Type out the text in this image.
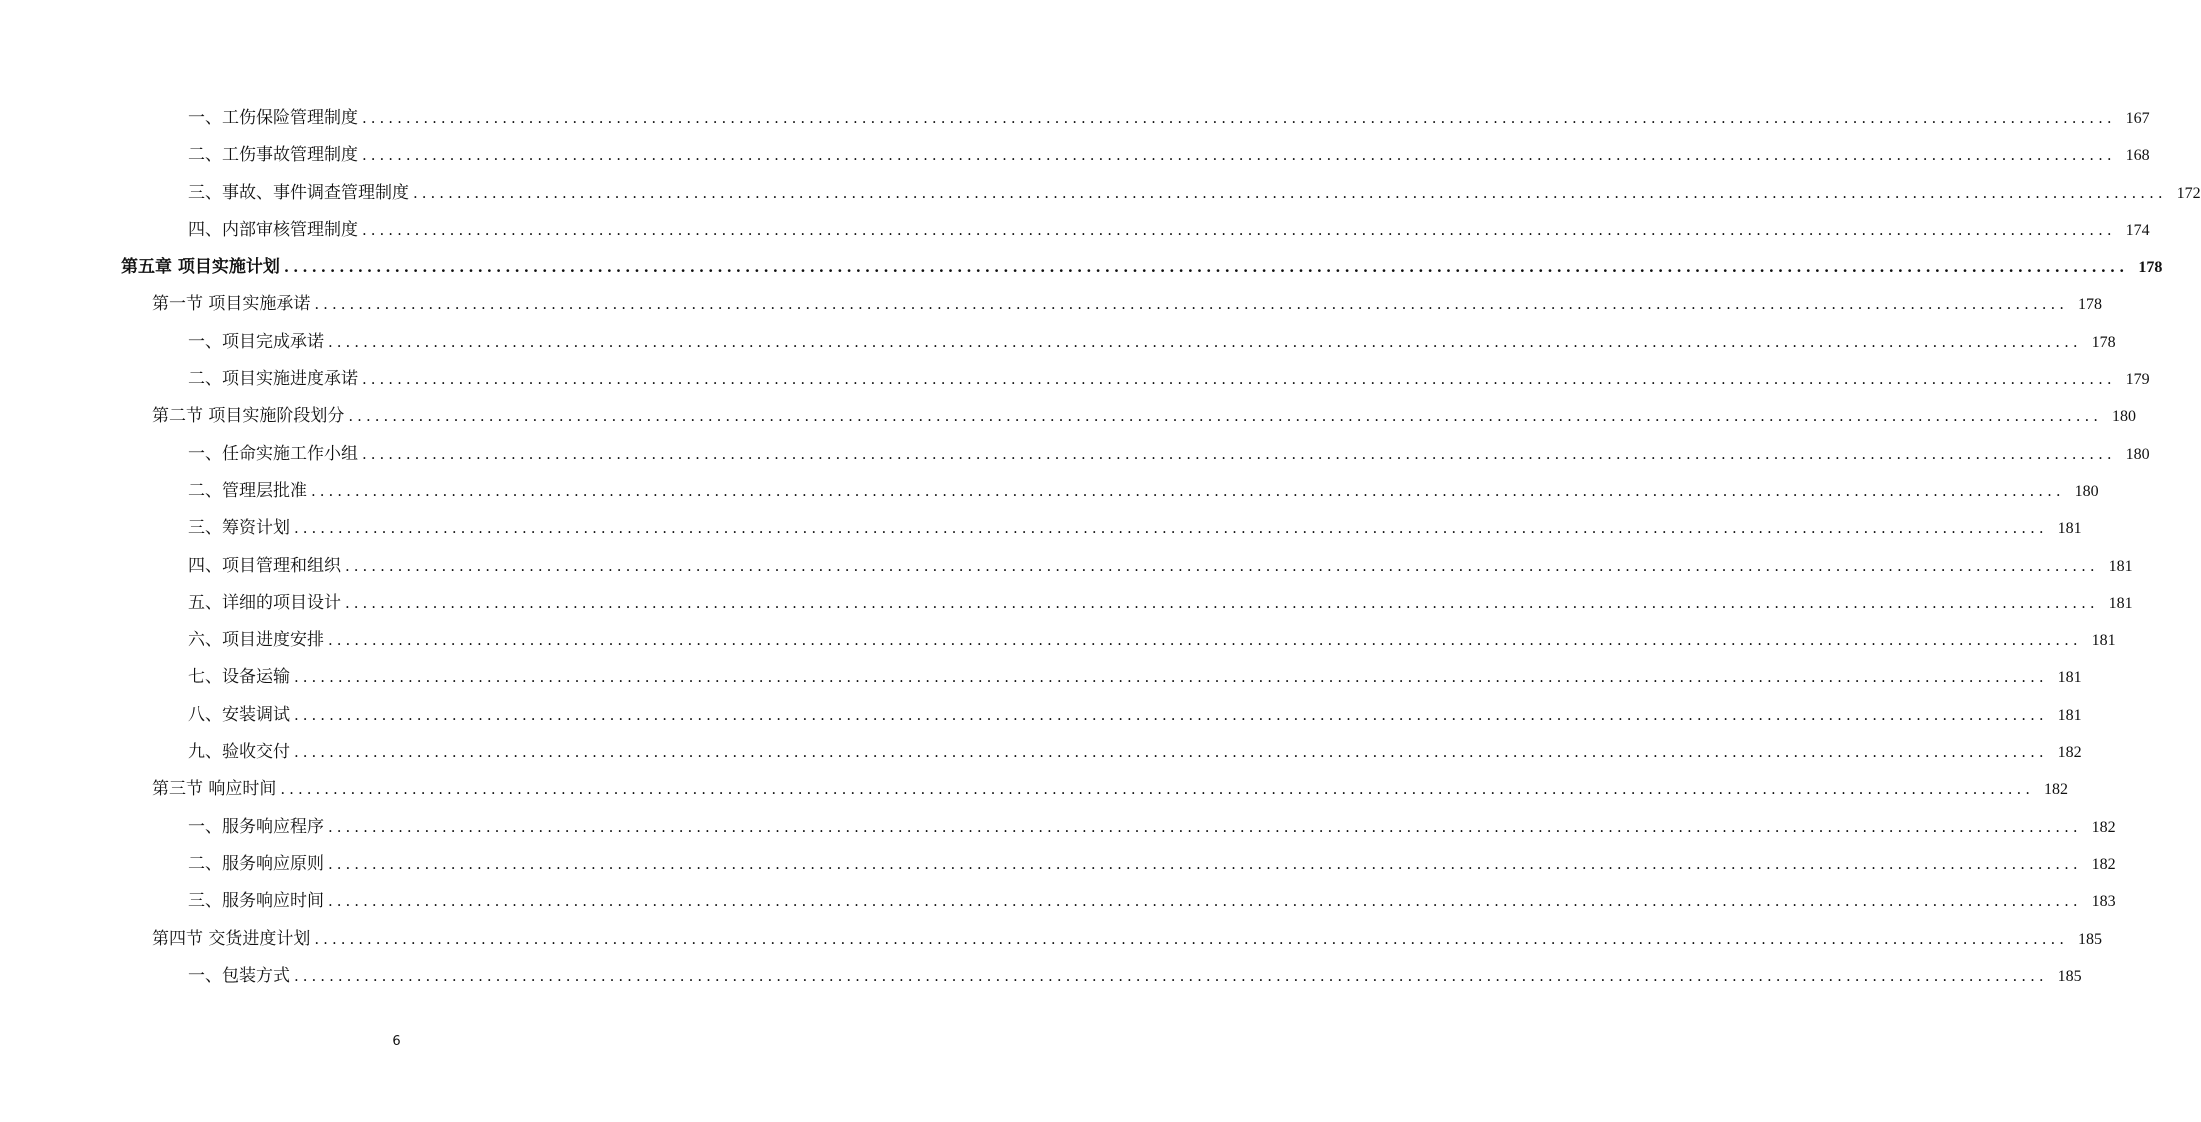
一、工伤保险管理制度 ........................................................................................................................................................................................................ 167
二、工伤事故管理制度 ........................................................................................................................................................................................................ 168
三、事故、事件调查管理制度 ........................................................................................................................................................................................................ 172
四、内部审核管理制度 ........................................................................................................................................................................................................ 174
第五章 项目实施计划 ........................................................................................................................................................................................................ 178
第一节 项目实施承诺 ........................................................................................................................................................................................................ 178
一、项目完成承诺 ........................................................................................................................................................................................................ 178
二、项目实施进度承诺 ........................................................................................................................................................................................................ 179
第二节 项目实施阶段划分 ........................................................................................................................................................................................................ 180
一、任命实施工作小组 ........................................................................................................................................................................................................ 180
二、管理层批准 ........................................................................................................................................................................................................ 180
三、筹资计划 ........................................................................................................................................................................................................ 181
四、项目管理和组织 ........................................................................................................................................................................................................ 181
五、详细的项目设计 ........................................................................................................................................................................................................ 181
六、项目进度安排 ........................................................................................................................................................................................................ 181
七、设备运输 ........................................................................................................................................................................................................ 181
八、安装调试 ........................................................................................................................................................................................................ 181
九、验收交付 ........................................................................................................................................................................................................ 182
第三节 响应时间 ........................................................................................................................................................................................................ 182
一、服务响应程序 ........................................................................................................................................................................................................ 182
二、服务响应原则 ........................................................................................................................................................................................................ 182
三、服务响应时间 ........................................................................................................................................................................................................ 183
第四节 交货进度计划 ........................................................................................................................................................................................................ 185
一、包装方式 ........................................................................................................................................................................................................ 185
6
